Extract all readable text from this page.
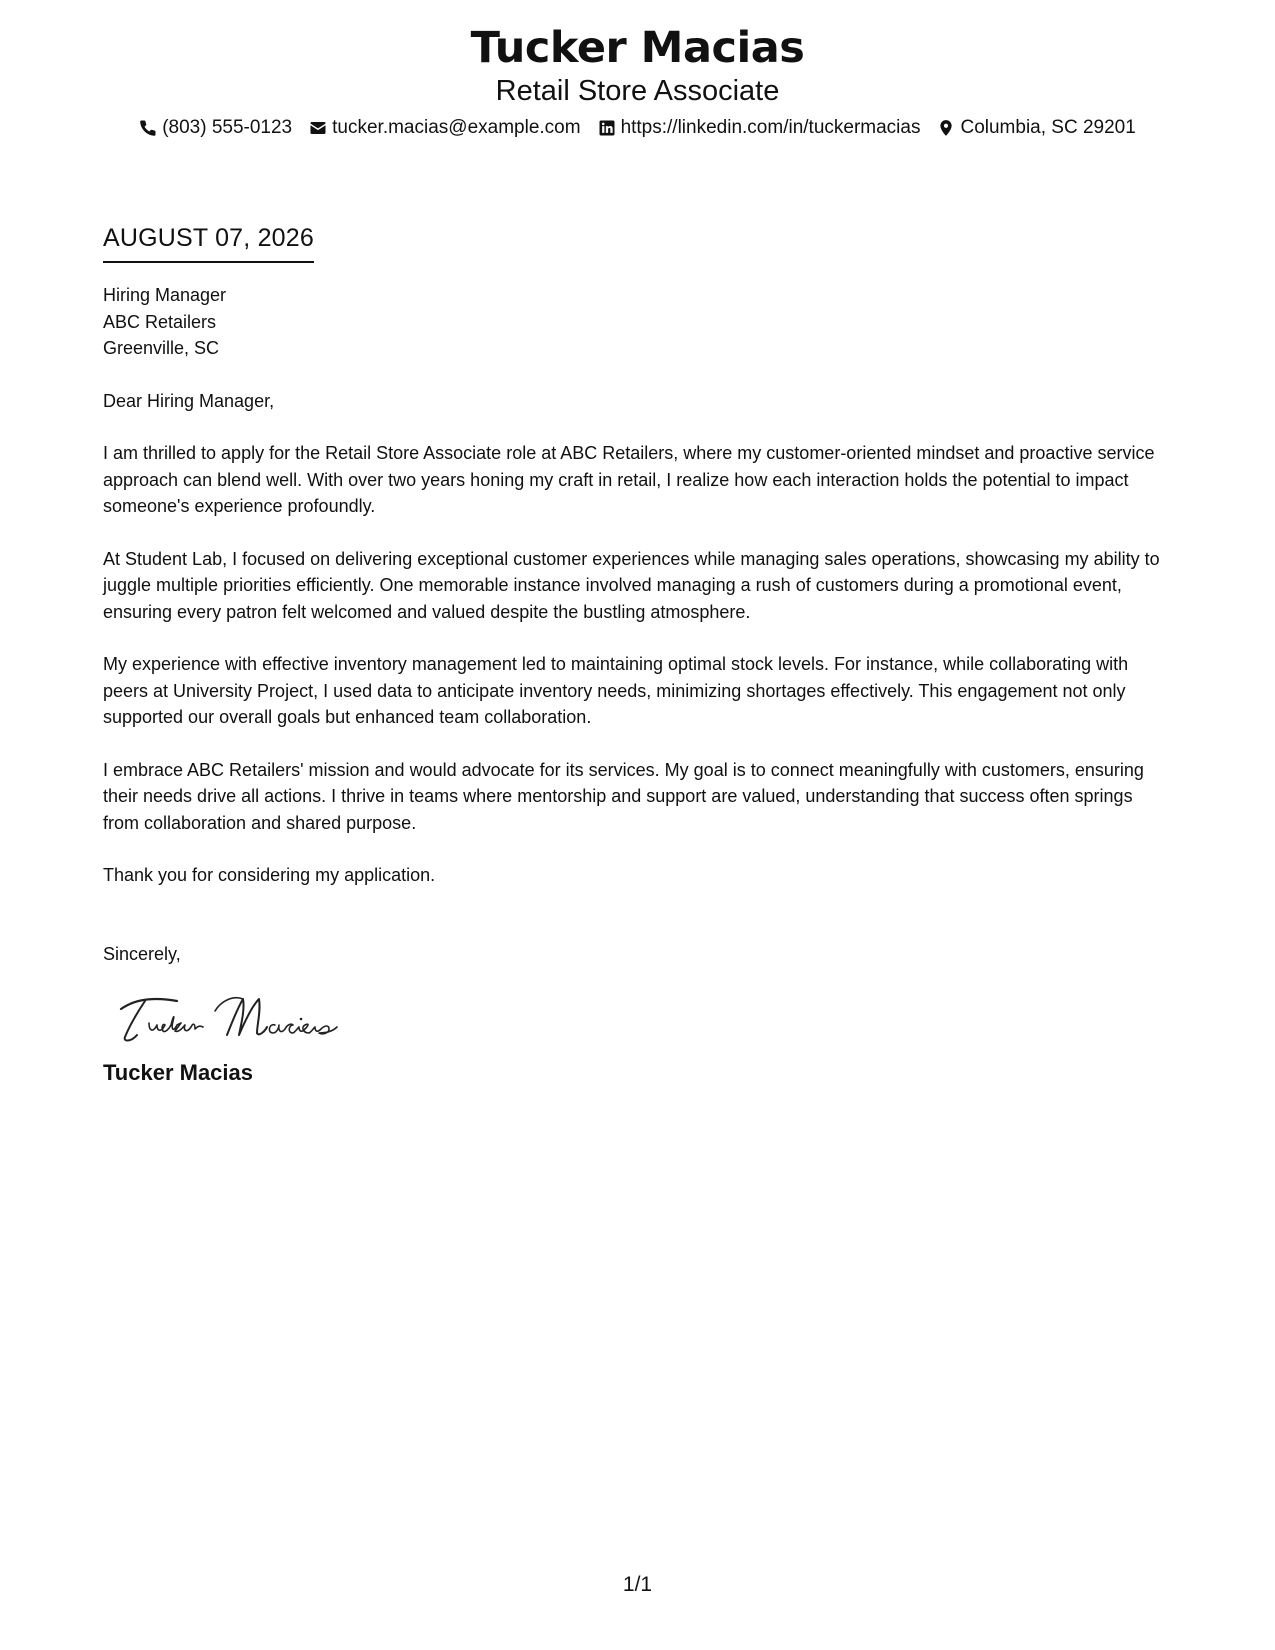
Tucker Macias
Retail Store Associate
(803) 555-0123 tucker.macias@example.com https://linkedin.com/in/tuckermacias Columbia, SC 29201
AUGUST 07, 2026

Hiring Manager
ABC Retailers
Greenville, SC

Dear Hiring Manager,

I am thrilled to apply for the Retail Store Associate role at ABC Retailers, where my customer-oriented mindset and proactive service approach can blend well. With over two years honing my craft in retail, I realize how each interaction holds the potential to impact someone's experience profoundly.

At Student Lab, I focused on delivering exceptional customer experiences while managing sales operations, showcasing my ability to juggle multiple priorities efficiently. One memorable instance involved managing a rush of customers during a promotional event, ensuring every patron felt welcomed and valued despite the bustling atmosphere.

My experience with effective inventory management led to maintaining optimal stock levels. For instance, while collaborating with peers at University Project, I used data to anticipate inventory needs, minimizing shortages effectively. This engagement not only supported our overall goals but enhanced team collaboration.

I embrace ABC Retailers' mission and would advocate for its services. My goal is to connect meaningfully with customers, ensuring their needs drive all actions. I thrive in teams where mentorship and support are valued, understanding that success often springs from collaboration and shared purpose.

Thank you for considering my application.

Sincerely,

Tucker Macias
1/1
